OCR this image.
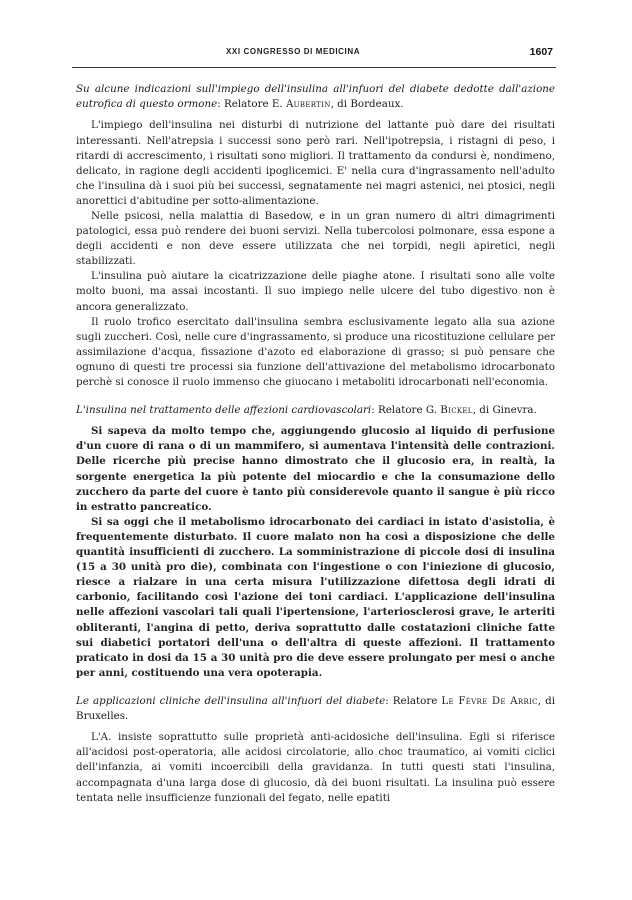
XXI CONGRESSO DI MEDICINA	1607

Su alcune indicazioni sull'impiego dell'insulina all'infuori del diabete dedotte dall'azione eutrofica di questo ormone: Relatore E. Aubertin, di Bordeaux.

L'impiego dell'insulina nei disturbi di nutrizione del lattante può dare dei risultati interessanti. Nell'atrepsia i successi sono però rari. Nell'ipotrepsia, i ristagni di peso, i ritardi di accrescimento, i risultati sono migliori. Il trattamento da condursi è, nondimeno, delicato, in ragione degli accidenti ipoglicemici. E' nella cura d'ingrassamento nell'adulto che l'insulina dà i suoi più bei successi, segnatamente nei magri astenici, nei ptosici, negli anorettici d'abitudine per sotto-alimentazione.

Nelle psicosi, nella malattia di Basedow, e in un gran numero di altri dimagrimenti patologici, essa può rendere dei buoni servizi. Nella tubercolosi polmonare, essa espone a degli accidenti e non deve essere utilizzata che nei torpidi, negli apiretici, negli stabilizzati.

L'insulina può aiutare la cicatrizzazione delle piaghe atone. I risultati sono alle volte molto buoni, ma assai incostanti. Il suo impiego nelle ulcere del tubo digestivo non è ancora generalizzato.

Il ruolo trofico esercitato dall'insulina sembra esclusivamente legato alla sua azione sugli zuccheri. Così, nelle cure d'ingrassamento, si produce una ricostituzione cellulare per assimilazione d'acqua, fissazione d'azoto ed elaborazione di grasso; si può pensare che ognuno di questi tre processi sia funzione dell'attivazione del metabolismo idrocarbonato perchè si conosce il ruolo immenso che giuocano i metaboliti idrocarbonati nell'economia.

L'insulina nel trattamento delle affezioni cardiovascolari: Relatore G. Bickel, di Ginevra.

Si sapeva da molto tempo che, aggiungendo glucosio al liquido di perfusione d'un cuore di rana o di un mammifero, si aumentava l'intensità delle contrazioni. Delle ricerche più precise hanno dimostrato che il glucosio era, in realtà, la sorgente energetica la più potente del miocardio e che la consumazione dello zucchero da parte del cuore è tanto più considerevole quanto il sangue è più ricco in estratto pancreatico.

Si sa oggi che il metabolismo idrocarbonato dei cardiaci in istato d'asistolia, è frequentemente disturbato. Il cuore malato non ha così a disposizione che delle quantità insufficienti di zucchero. La somministrazione di piccole dosi di insulina (15 a 30 unità pro die), combinata con l'ingestione o con l'iniezione di glucosio, riesce a rialzare in una certa misura l'utilizzazione difettosa degli idrati di carbonio, facilitando così l'azione dei toni cardiaci. L'applicazione dell'insulina nelle affezioni vascolari tali quali l'ipertensione, l'arteriosclerosi grave, le arteriti obliteranti, l'angina di petto, deriva soprattutto dalle costatazioni cliniche fatte sui diabetici portatori dell'una o dell'altra di queste affezioni. Il trattamento praticato in dosi da 15 a 30 unità pro die deve essere prolungato per mesi o anche per anni, costituendo una vera opoterapia.

Le applicazioni cliniche dell'insulina all'infuori del diabete: Relatore Le Fèvre De Arric, di Bruxelles.

L'A. insiste soprattutto sulle proprietà anti-acidosiche dell'insulina. Egli si riferisce all'acidosi post-operatoria, alle acidosi circolatorie, allo choc traumatico, ai vomiti ciclici dell'infanzia, ai vomiti incoercibili della gravidanza. In tutti questi stati l'insulina, accompagnata d'una larga dose di glucosio, dà dei buoni risultati. La insulina può essere tentata nelle insufficienze funzionali del fegato, nelle epatiti
